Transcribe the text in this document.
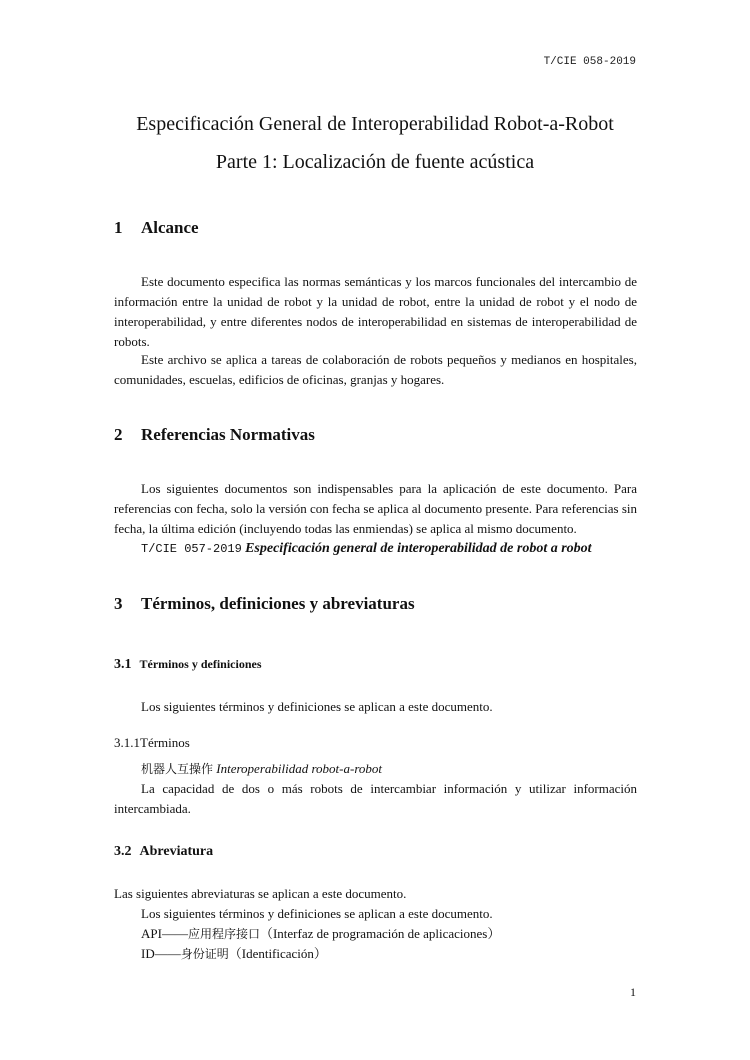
T/CIE 058-2019
Especificación General de Interoperabilidad Robot-a-Robot
Parte 1: Localización de fuente acústica
1 Alcance

Este documento especifica las normas semánticas y los marcos funcionales del intercambio de información entre la unidad de robot y la unidad de robot, entre la unidad de robot y el nodo de interoperabilidad, y entre diferentes nodos de interoperabilidad en sistemas de interoperabilidad de robots.

Este archivo se aplica a tareas de colaboración de robots pequeños y medianos en hospitales, comunidades, escuelas, edificios de oficinas, granjas y hogares.

2 Referencias Normativas

Los siguientes documentos son indispensables para la aplicación de este documento. Para referencias con fecha, solo la versión con fecha se aplica al documento presente. Para referencias sin fecha, la última edición (incluyendo todas las enmiendas) se aplica al mismo documento.

T/CIE 057-2019 Especificación general de interoperabilidad de robot a robot
3 Términos, definiciones y abreviaturas
3.1 Términos y definiciones
Los siguientes términos y definiciones se aplican a este documento.
3.1.1Términos
机器人互操作 Interoperabilidad robot-a-robot

La capacidad de dos o más robots de intercambiar información y utilizar información intercambiada.

3.2 Abreviatura
Las siguientes abreviaturas se aplican a este documento.
Los siguientes términos y definiciones se aplican a este documento.
API——应用程序接口（Interfaz de programación de aplicaciones）
ID——身份证明（Identificación）
1
